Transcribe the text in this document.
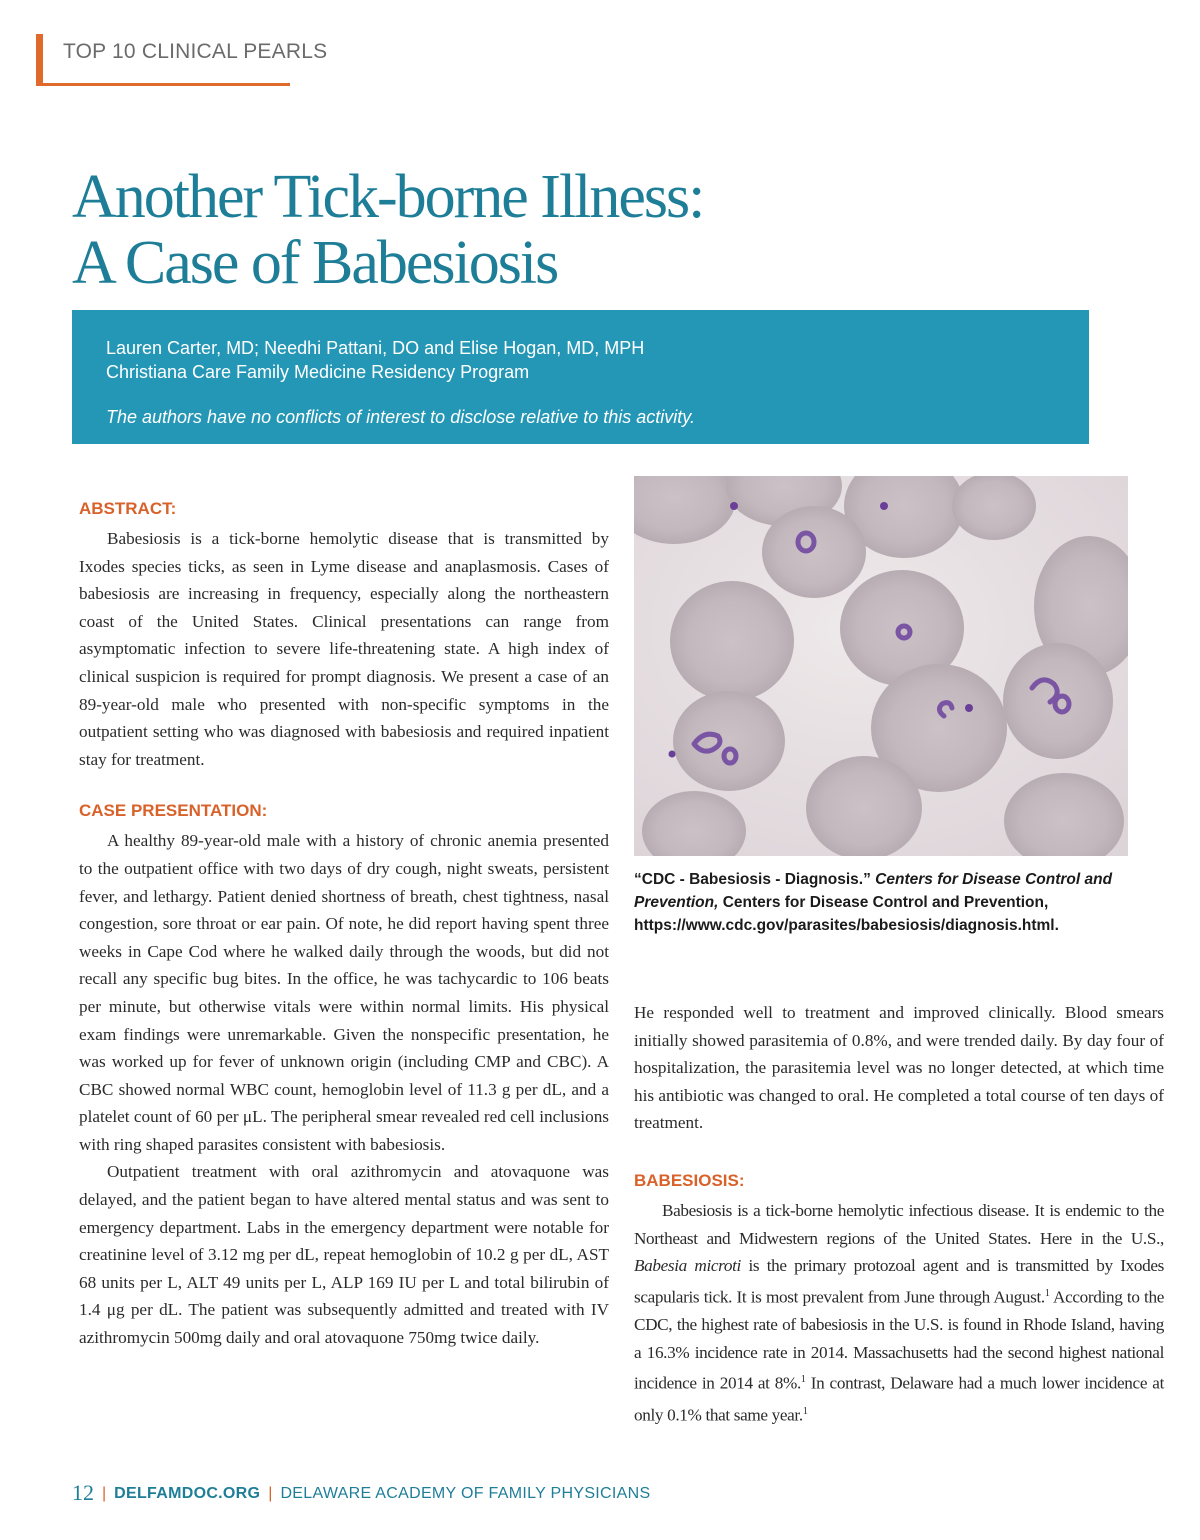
TOP 10 CLINICAL PEARLS
Another Tick-borne Illness:
A Case of Babesiosis
Lauren Carter, MD; Needhi Pattani, DO and Elise Hogan, MD, MPH
Christiana Care Family Medicine Residency Program
The authors have no conflicts of interest to disclose relative to this activity.
ABSTRACT:

Babesiosis is a tick-borne hemolytic disease that is transmitted by Ixodes species ticks, as seen in Lyme disease and anaplasmosis. Cases of babesiosis are increasing in frequency, especially along the northeastern coast of the United States. Clinical presentations can range from asymptomatic infection to severe life-threatening state. A high index of clinical suspicion is required for prompt diagnosis. We present a case of an 89-year-old male who presented with non-specific symptoms in the outpatient setting who was diagnosed with babesiosis and required inpatient stay for treatment.

CASE PRESENTATION:

A healthy 89-year-old male with a history of chronic anemia presented to the outpatient office with two days of dry cough, night sweats, persistent fever, and lethargy. Patient denied shortness of breath, chest tightness, nasal congestion, sore throat or ear pain. Of note, he did report having spent three weeks in Cape Cod where he walked daily through the woods, but did not recall any specific bug bites. In the office, he was tachycardic to 106 beats per minute, but otherwise vitals were within normal limits. His physical exam findings were unremarkable. Given the nonspecific presentation, he was worked up for fever of unknown origin (including CMP and CBC). A CBC showed normal WBC count, hemoglobin level of 11.3 g per dL, and a platelet count of 60 per μL. The peripheral smear revealed red cell inclusions with ring shaped parasites consistent with babesiosis.

Outpatient treatment with oral azithromycin and atovaquone was delayed, and the patient began to have altered mental status and was sent to emergency department. Labs in the emergency department were notable for creatinine level of 3.12 mg per dL, repeat hemoglobin of 10.2 g per dL, AST 68 units per L, ALT 49 units per L, ALP 169 IU per L and total bilirubin of 1.4 μg per dL. The patient was subsequently admitted and treated with IV azithromycin 500mg daily and oral atovaquone 750mg twice daily.

“CDC - Babesiosis - Diagnosis.” Centers for Disease Control and
Prevention, Centers for Disease Control and Prevention,
https://www.cdc.gov/parasites/babesiosis/diagnosis.html.

He responded well to treatment and improved clinically. Blood smears initially showed parasitemia of 0.8%, and were trended daily. By day four of hospitalization, the parasitemia level was no longer detected, at which time his antibiotic was changed to oral. He completed a total course of ten days of treatment.

BABESIOSIS:

Babesiosis is a tick-borne hemolytic infectious disease. It is endemic to the Northeast and Midwestern regions of the United States. Here in the U.S., Babesia microti is the primary protozoal agent and is transmitted by Ixodes scapularis tick. It is most prevalent from June through August.$^1$ According to the CDC, the highest rate of babesiosis in the U.S. is found in Rhode Island, having a 16.3% incidence rate in 2014. Massachusetts had the second highest national incidence in 2014 at 8%.$^1$ In contrast, Delaware had a much lower incidence at only 0.1% that same year.$^1$

12 | DELFAMDOC.ORG | DELAWARE ACADEMY OF FAMILY PHYSICIANS
